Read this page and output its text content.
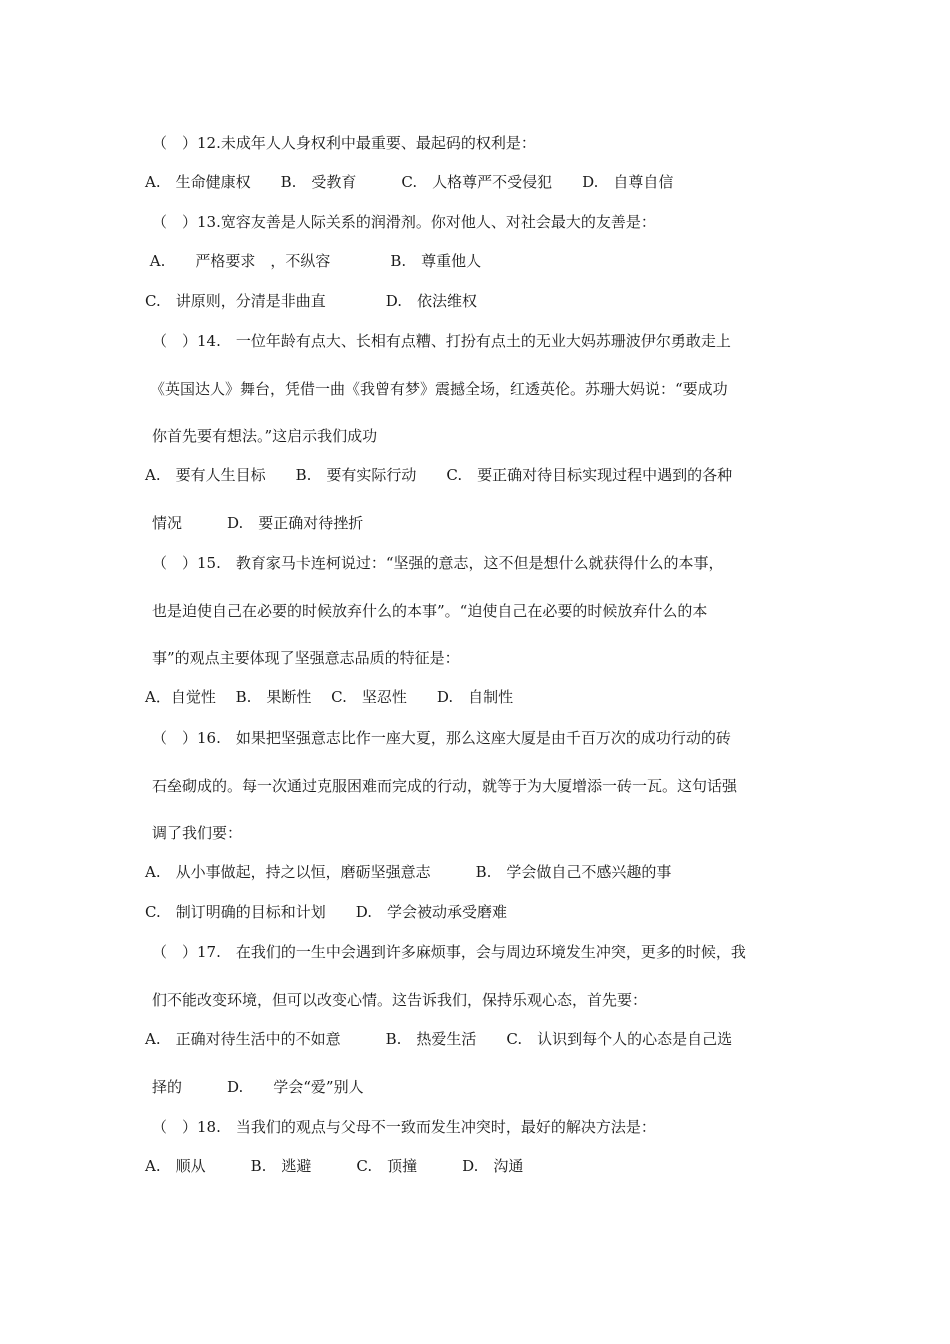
（　）12.未成年人人身权利中最重要、最起码的权利是：
A.　生命健康权　　B.　受教育　　　C.　人格尊严不受侵犯　　D.　自尊自信
（　）13.宽容友善是人际关系的润滑剂。你对他人、对社会最大的友善是：
A.　　严格要求　，不纵容　　　　B.　尊重他人
C.　讲原则，分清是非曲直　　　　D.　依法维权
（　）14.　一位年龄有点大、长相有点糟、打扮有点土的无业大妈苏珊波伊尔勇敢走上
《英国达人》舞台，凭借一曲《我曾有梦》震撼全场，红透英伦。苏珊大妈说：“要成功
你首先要有想法。”这启示我们成功
A.　要有人生目标　　B.　要有实际行动　　C.　要正确对待目标实现过程中遇到的各种
情况　　　D.　要正确对待挫折
（　）15.　教育家马卡连柯说过：“坚强的意志，这不但是想什么就获得什么的本事，
也是迫使自己在必要的时候放弃什么的本事”。“迫使自己在必要的时候放弃什么的本
事”的观点主要体现了坚强意志品质的特征是：
A．自觉性　 B.　果断性　 C.　坚忍性　　D.　自制性
（　）16.　如果把坚强意志比作一座大夏，那么这座大厦是由千百万次的成功行动的砖
石垒砌成的。每一次通过克服困难而完成的行动，就等于为大厦增添一砖一瓦。这句话强
调了我们要：
A.　从小事做起，持之以恒，磨砺坚强意志　　　B.　学会做自己不感兴趣的事
C.　制订明确的目标和计划　　D.　学会被动承受磨难
（　）17.　在我们的一生中会遇到许多麻烦事，会与周边环境发生冲突，更多的时候，我
们不能改变环境，但可以改变心情。这告诉我们，保持乐观心态，首先要：
A.　正确对待生活中的不如意　　　B.　热爱生活　　C.　认识到每个人的心态是自己选
择的　　　D.　　学会“爱”别人
（　）18.　当我们的观点与父母不一致而发生冲突时，最好的解决方法是：
A.　顺从　　　B.　逃避　　　C.　顶撞　　　D.　沟通
